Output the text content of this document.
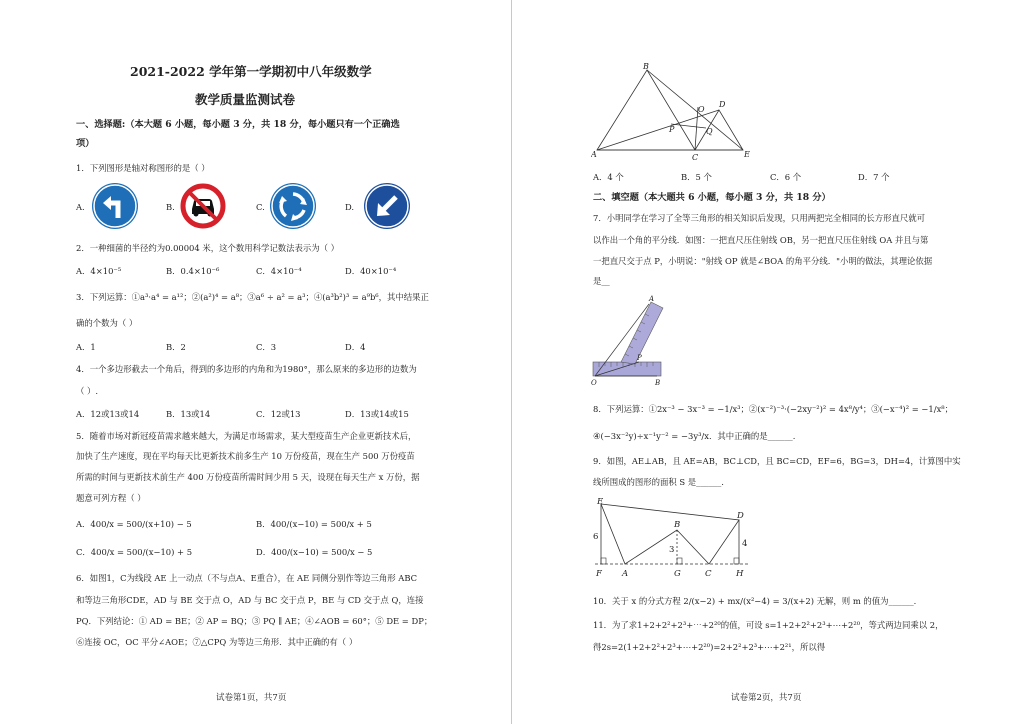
2021-2022 学年第一学期初中八年级数学
教学质量监测试卷
一、选择题:（本大题 6 小题，每小题 3 分，共 18 分，每小题只有一个正确选
项）
1．下列图形是轴对称图形的是（ ）
A.	B.	C.	D.
2．一种细菌的半径约为0.00004 米，这个数用科学记数法表示为（ ）
A．4×10⁻⁵	B．0.4×10⁻⁶	C．4×10⁻⁴	D．40×10⁻⁴
3．下列运算：①a³·a⁴ = a¹²；②(a²)⁴ = a⁸；③a⁶ ÷ a² = a³；④(a³b²)³ = a⁹b⁶，其中结果正
确的个数为（ ）
A．1	B．2	C．3	D．4
4．一个多边形截去一个角后，得到的多边形的内角和为1980°，那么原来的多边形的边数为
（ ）.
A．12或13或14	B．13或14	C．12或13	D．13或14或15
5．随着市场对新冠疫苗需求越来越大，为满足市场需求，某大型疫苗生产企业更新技术后，
加快了生产速度，现在平均每天比更新技术前多生产 10 万份疫苗，现在生产 500 万份疫苗
所需的时间与更新技术前生产 400 万份疫苗所需时间少用 5 天，设现在每天生产 x 万份，据
题意可列方程（ ）
A．400/x = 500/(x+10) − 5	B．400/(x−10) = 500/x + 5
C．400/x = 500/(x−10) + 5	D．400/(x−10) = 500/x − 5
6．如图1，C为线段 AE 上一动点（不与点A、E重合），在 AE 同侧分别作等边三角形 ABC
和等边三角形CDE，AD 与 BE 交于点 O，AD 与 BC 交于点 P，BE 与 CD 交于点 Q，连接
PQ．下列结论：① AD = BE；② AP = BQ；③ PQ ∥ AE；④∠AOB = 60°；⑤ DE = DP；
⑥连接 OC，OC 平分∠AOE；⑦△CPQ 为等边三角形．其中正确的有（ ）
试卷第1页，共7页
B
D
O
P	Q
A	C	E
A．4 个	B．5 个	C．6 个	D．7 个
二、填空题（本大题共 6 小题，每小题 3 分，共 18 分）
7．小明同学在学习了全等三角形的相关知识后发现，只用两把完全相同的长方形直尺就可
以作出一个角的平分线．如图：一把直尺压住射线 OB，另一把直尺压住射线 OA 并且与第
一把直尺交于点 P，小明说："射线 OP 就是∠BOA 的角平分线．"小明的做法，其理论依据
是__
A
P
O	B
8．下列运算：①2x⁻³ − 3x⁻³ = −1/x³；②(x⁻²)⁻³·(−2xy⁻²)² = 4x⁸/y⁴；③(−x⁻⁴)² = −1/x⁸；
④(−3x⁻²y)÷x⁻¹y⁻² = −3y³/x．其中正确的是______.
9．如图，AE⊥AB，且 AE=AB，BC⊥CD，且 BC=CD，EF=6，BG=3，DH=4，计算图中实
线所围成的图形的面积 S 是______.
E
B
D
F A	G	C	H
6
3
4
10．关于 x 的分式方程 2/(x−2) + mx/(x²−4) = 3/(x+2) 无解，则 m 的值为______.
11．为了求1+2+2²+2³+⋯+2²⁰的值，可设 s=1+2+2²+2³+⋯+2²⁰，等式两边同乘以 2，
得2s=2(1+2+2²+2³+⋯+2²⁰)=2+2²+2³+⋯+2²¹，所以得
试卷第2页，共7页
